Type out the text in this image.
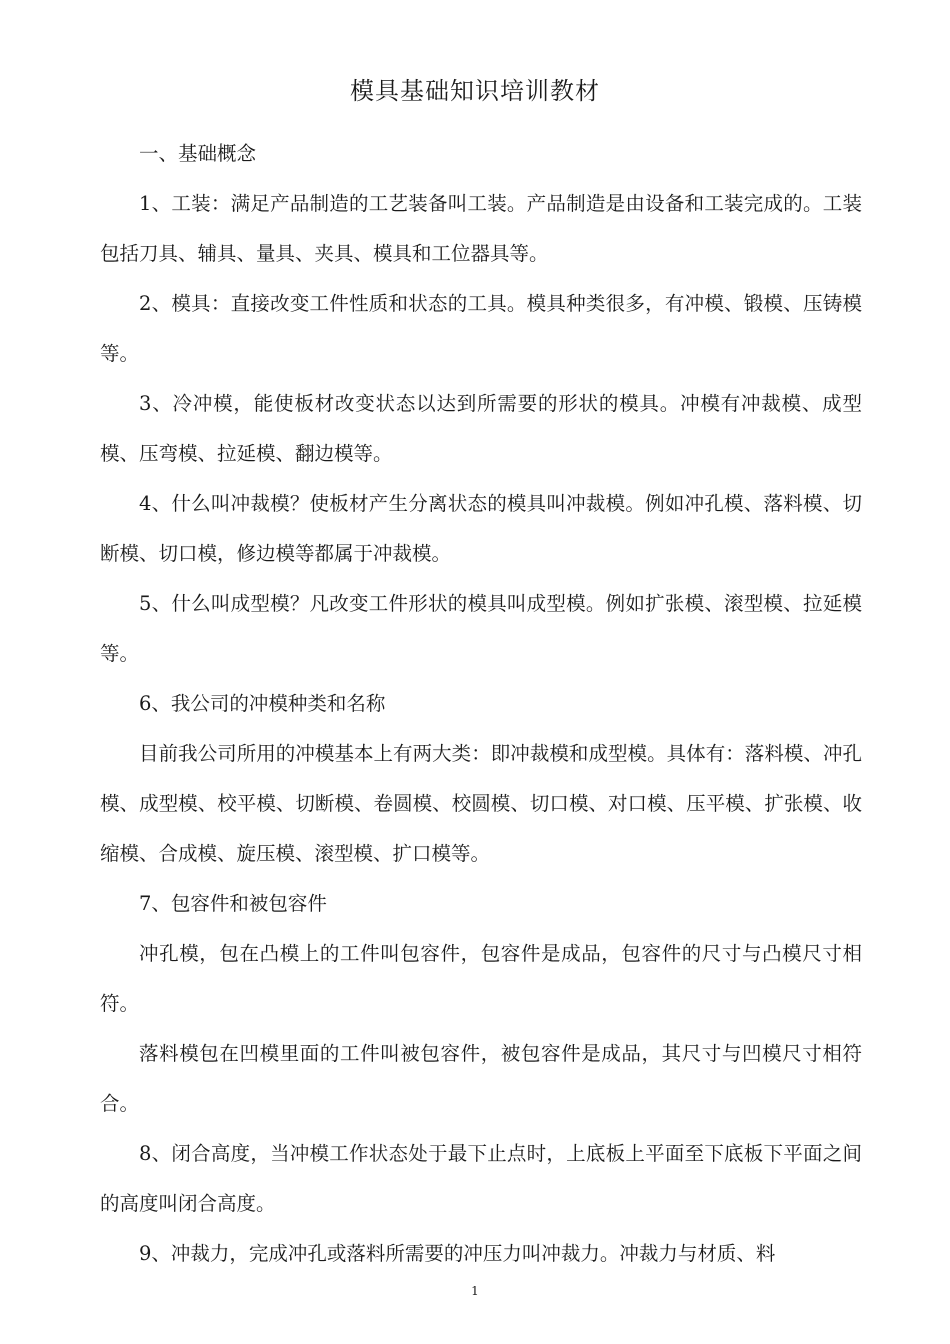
模具基础知识培训教材

一、基础概念

1、工装：满足产品制造的工艺装备叫工装。产品制造是由设备和工装完成的。工装包括刀具、辅具、量具、夹具、模具和工位器具等。

2、模具：直接改变工件性质和状态的工具。模具种类很多，有冲模、锻模、压铸模等。

3、冷冲模，能使板材改变状态以达到所需要的形状的模具。冲模有冲裁模、成型模、压弯模、拉延模、翻边模等。

4、什么叫冲裁模？使板材产生分离状态的模具叫冲裁模。例如冲孔模、落料模、切断模、切口模，修边模等都属于冲裁模。

5、什么叫成型模？凡改变工件形状的模具叫成型模。例如扩张模、滚型模、拉延模等。

6、我公司的冲模种类和名称

目前我公司所用的冲模基本上有两大类：即冲裁模和成型模。具体有：落料模、冲孔模、成型模、校平模、切断模、卷圆模、校圆模、切口模、对口模、压平模、扩张模、收缩模、合成模、旋压模、滚型模、扩口模等。

7、包容件和被包容件

冲孔模，包在凸模上的工件叫包容件，包容件是成品，包容件的尺寸与凸模尺寸相符。

落料模包在凹模里面的工件叫被包容件，被包容件是成品，其尺寸与凹模尺寸相符合。

8、闭合高度，当冲模工作状态处于最下止点时，上底板上平面至下底板下平面之间的高度叫闭合高度。

9、冲裁力，完成冲孔或落料所需要的冲压力叫冲裁力。冲裁力与材质、料

1
